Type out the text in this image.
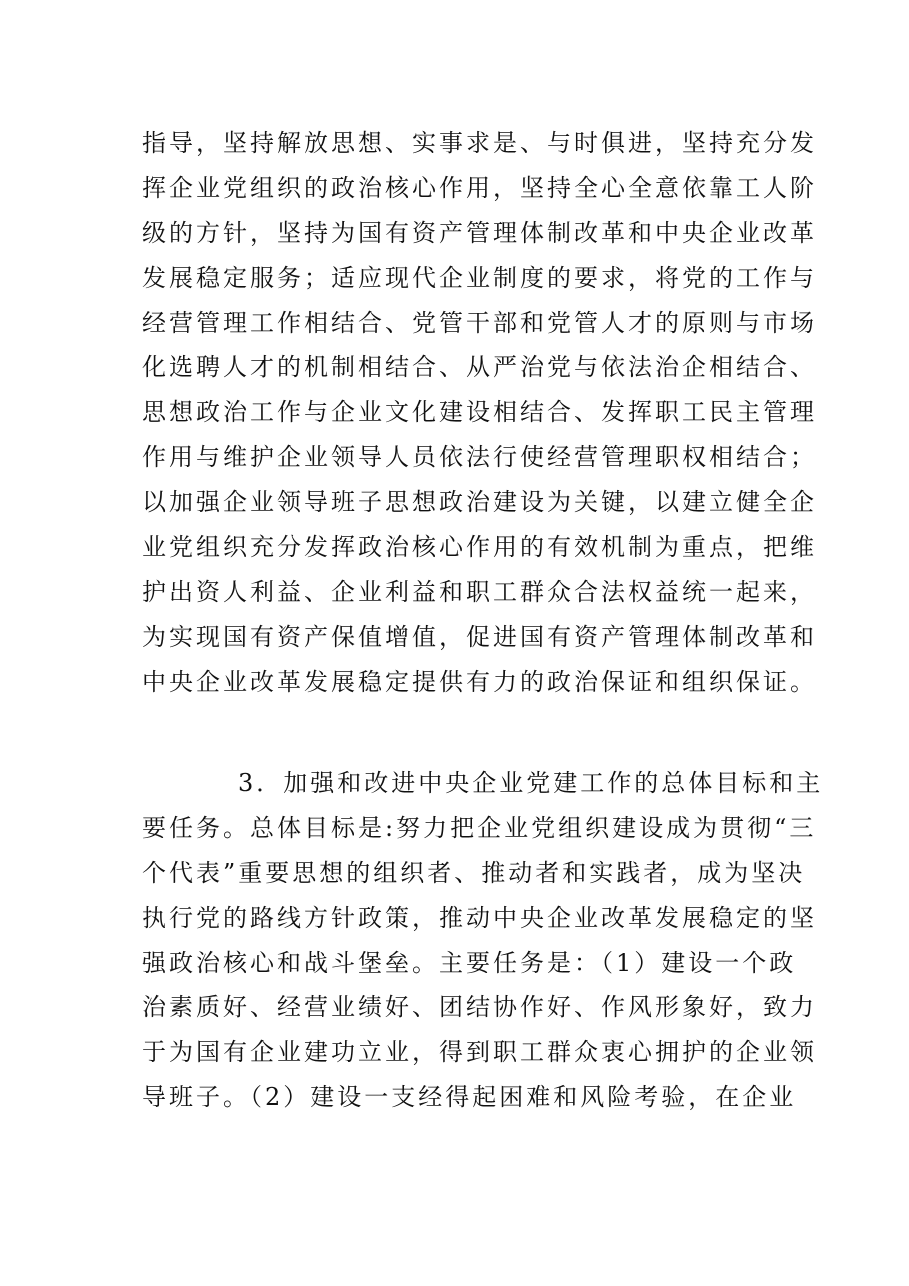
指导，坚持解放思想、实事求是、与时俱进，坚持充分发
挥企业党组织的政治核心作用，坚持全心全意依靠工人阶
级的方针，坚持为国有资产管理体制改革和中央企业改革
发展稳定服务；适应现代企业制度的要求，将党的工作与
经营管理工作相结合、党管干部和党管人才的原则与市场
化选聘人才的机制相结合、从严治党与依法治企相结合、
思想政治工作与企业文化建设相结合、发挥职工民主管理
作用与维护企业领导人员依法行使经营管理职权相结合；
以加强企业领导班子思想政治建设为关键，以建立健全企
业党组织充分发挥政治核心作用的有效机制为重点，把维
护出资人利益、企业利益和职工群众合法权益统一起来，
为实现国有资产保值增值，促进国有资产管理体制改革和
中央企业改革发展稳定提供有力的政治保证和组织保证。
3．加强和改进中央企业党建工作的总体目标和主
要任务。总体目标是:努力把企业党组织建设成为贯彻“三
个代表”重要思想的组织者、推动者和实践者，成为坚决
执行党的路线方针政策，推动中央企业改革发展稳定的坚
强政治核心和战斗堡垒。主要任务是：（1）建设一个政
治素质好、经营业绩好、团结协作好、作风形象好，致力
于为国有企业建功立业，得到职工群众衷心拥护的企业领
导班子。（2）建设一支经得起困难和风险考验，在企业
